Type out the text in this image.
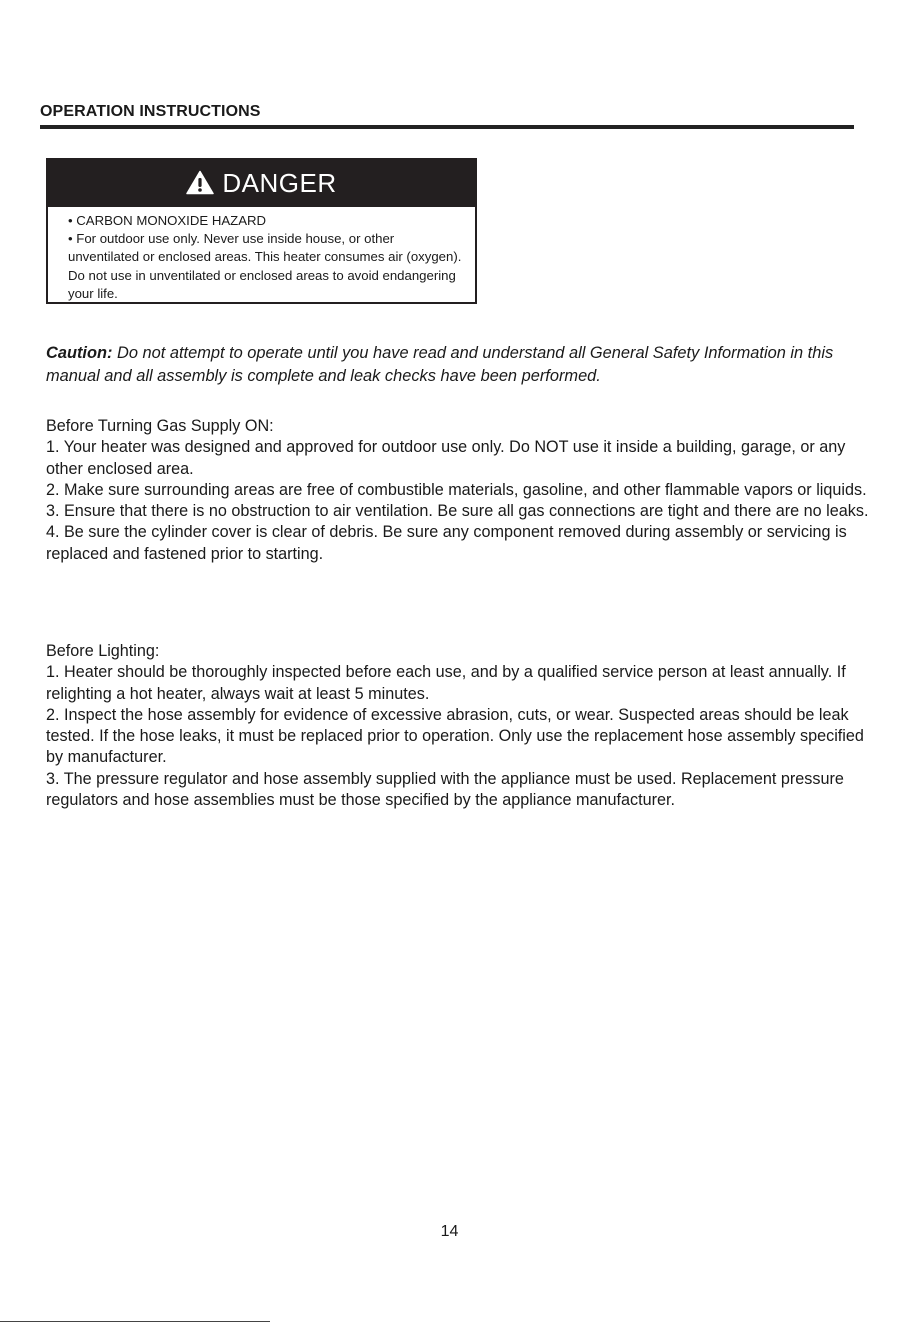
OPERATION INSTRUCTIONS
DANGER

• CARBON MONOXIDE HAZARD

• For outdoor use only. Never use inside house, or other unventilated or enclosed areas. This heater consumes air (oxygen). Do not use in unventilated or enclosed areas to avoid endangering your life.

Caution: Do not attempt to operate until you have read and understand all General Safety Information in this manual and all assembly is complete and leak checks have been performed.

Before Turning Gas Supply ON:

1. Your heater was designed and approved for outdoor use only. Do NOT use it inside a building, garage, or any other enclosed area.

2. Make sure surrounding areas are free of combustible materials, gasoline, and other flammable vapors or liquids.

3. Ensure that there is no obstruction to air ventilation. Be sure all gas connections are tight and there are no leaks.

4. Be sure the cylinder cover is clear of debris. Be sure any component removed during assembly or servicing is replaced and fastened prior to starting.

Before Lighting:

1. Heater should be thoroughly inspected before each use, and by a qualified service person at least annually. If relighting a hot heater, always wait at least 5 minutes.

2. Inspect the hose assembly for evidence of excessive abrasion, cuts, or wear. Suspected areas should be leak tested. If the hose leaks, it must be replaced prior to operation. Only use the replacement hose assembly specified by manufacturer.

3. The pressure regulator and hose assembly supplied with the appliance must be used. Replacement pressure regulators and hose assemblies must be those specified by the appliance manufacturer.

14
